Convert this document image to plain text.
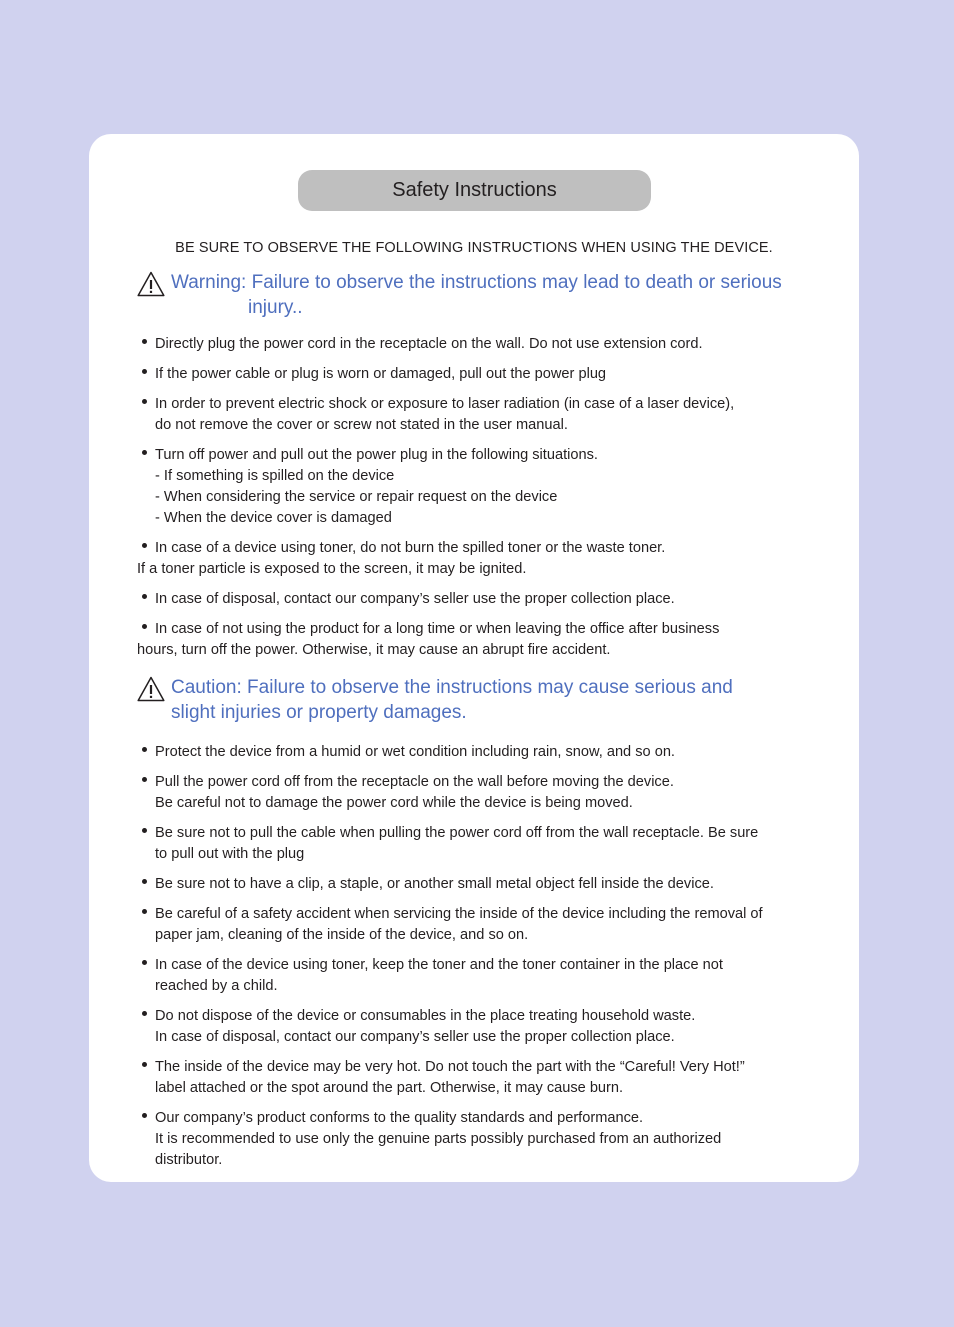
Safety Instructions
BE SURE TO OBSERVE THE FOLLOWING INSTRUCTIONS WHEN USING THE DEVICE.
Warning: Failure to observe the instructions may lead to death or serious
injury..
Directly plug the power cord in the receptacle on the wall. Do not use extension cord.
If the power cable or plug is worn or damaged, pull out the power plug
In order to prevent electric shock or exposure to laser radiation (in case of a laser device),
do not remove the cover or screw not stated in the user manual.
Turn off power and pull out the power plug in the following situations.
- If something is spilled on the device
- When considering the service or repair request on the device
- When the device cover is damaged
In case of a device using toner, do not burn the spilled toner or the waste toner.
If a toner particle is exposed to the screen, it may be ignited.
In case of disposal, contact our company’s seller use the proper collection place.
In case of not using the product for a long time or when leaving the office after business
hours, turn off the power. Otherwise, it may cause an abrupt fire accident.
Caution: Failure to observe the instructions may cause serious and
slight injuries or property damages.
Protect the device from a humid or wet condition including rain, snow, and so on.
Pull the power cord off from the receptacle on the wall before moving the device.
Be careful not to damage the power cord while the device is being moved.
Be sure not to pull the cable when pulling the power cord off from the wall receptacle. Be sure
to pull out with the plug
Be sure not to have a clip, a staple, or another small metal object fell inside the device.
Be careful of a safety accident when servicing the inside of the device including the removal of
paper jam, cleaning of the inside of the device, and so on.
In case of the device using toner, keep the toner and the toner container in the place not
reached by a child.
Do not dispose of the device or consumables in the place treating household waste.
In case of disposal, contact our company’s seller use the proper collection place.
The inside of the device may be very hot. Do not touch the part with the “Careful! Very Hot!”
label attached or the spot around the part. Otherwise, it may cause burn.
Our company’s product conforms to the quality standards and performance.
It is recommended to use only the genuine parts possibly purchased from an authorized
distributor.
